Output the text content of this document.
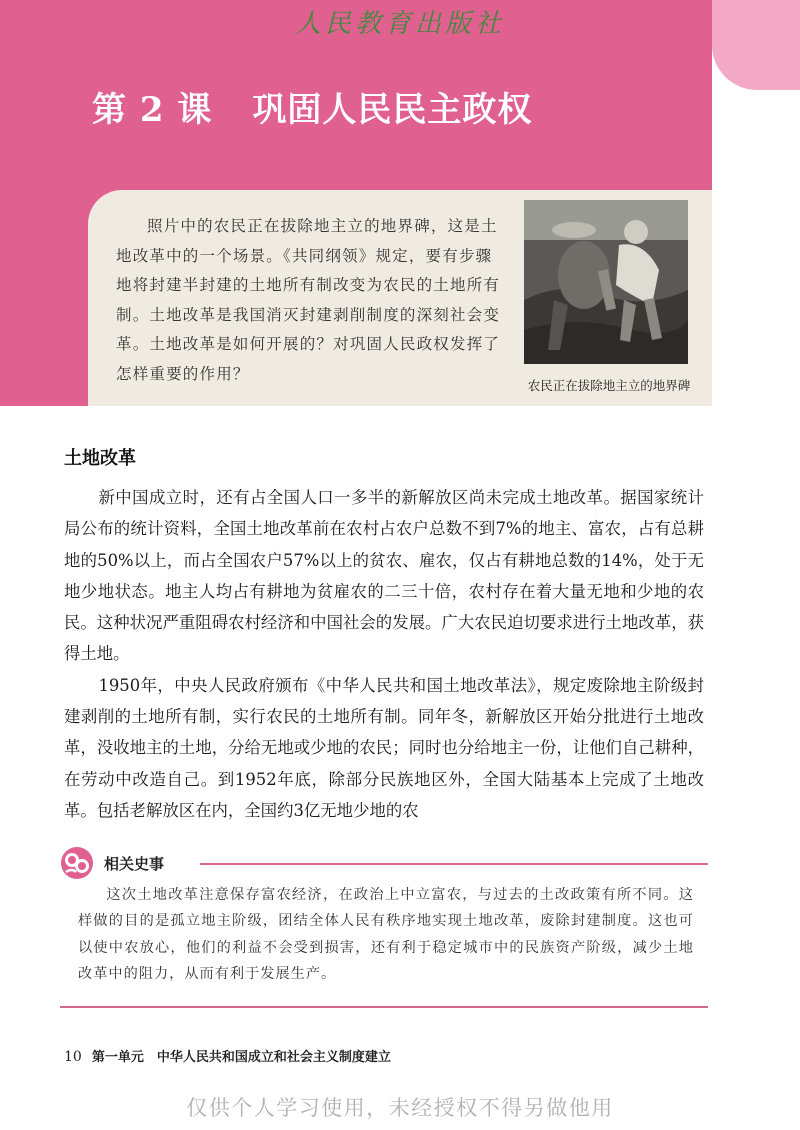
人民教育出版社
第 2 课 巩固人民民主政权
照片中的农民正在拔除地主立的地界碑，这是土地改革中的一个场景。《共同纲领》规定，要有步骤地将封建半封建的土地所有制改变为农民的土地所有制。土地改革是我国消灭封建剥削制度的深刻社会变革。土地改革是如何开展的？对巩固人民政权发挥了怎样重要的作用？
农民正在拔除地主立的地界碑
土地改革

新中国成立时，还有占全国人口一多半的新解放区尚未完成土地改革。据国家统计局公布的统计资料，全国土地改革前在农村占农户总数不到7%的地主、富农，占有总耕地的50%以上，而占全国农户57%以上的贫农、雇农，仅占有耕地总数的14%，处于无地少地状态。地主人均占有耕地为贫雇农的二三十倍，农村存在着大量无地和少地的农民。这种状况严重阻碍农村经济和中国社会的发展。广大农民迫切要求进行土地改革，获得土地。

1950年，中央人民政府颁布《中华人民共和国土地改革法》，规定废除地主阶级封建剥削的土地所有制，实行农民的土地所有制。同年冬，新解放区开始分批进行土地改革，没收地主的土地，分给无地或少地的农民；同时也分给地主一份，让他们自己耕种，在劳动中改造自己。到1952年底，除部分民族地区外，全国大陆基本上完成了土地改革。包括老解放区在内，全国约3亿无地少地的农

相关史事
这次土地改革注意保存富农经济，在政治上中立富农，与过去的土改政策有所不同。这样做的目的是孤立地主阶级，团结全体人民有秩序地实现土地改革，废除封建制度。这也可以使中农放心，他们的利益不会受到损害，还有利于稳定城市中的民族资产阶级，减少土地改革中的阻力，从而有利于发展生产。
10 第一单元　中华人民共和国成立和社会主义制度建立
仅供个人学习使用，未经授权不得另做他用
